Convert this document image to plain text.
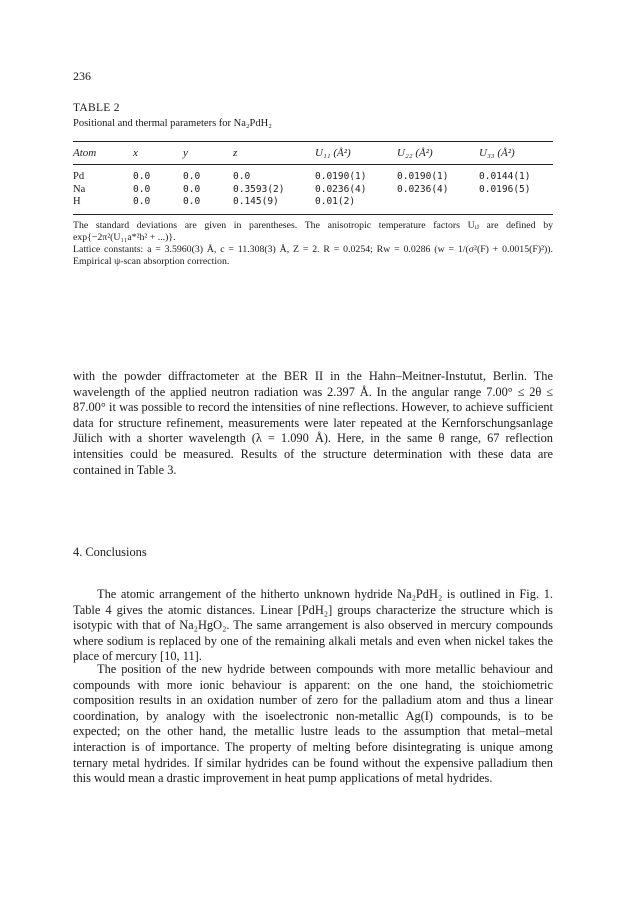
236
TABLE 2
Positional and thermal parameters for Na₂PdH₂
Atom	x	y	z	U₁₁ (Å²)	U₂₂ (Å²)	U₃₃ (Å²)
Pd	0.0	0.0	0.0	0.0190(1)	0.0190(1)	0.0144(1)
Na	0.0	0.0	0.3593(2)	0.0236(4)	0.0236(4)	0.0196(5)
H	0.0	0.0	0.145(9)	0.01(2)		

The standard deviations are given in parentheses. The anisotropic temperature factors Uᵢⱼ are defined by exp{−2π²(U₁₁a*²h² + ...)}.

Lattice constants: a = 3.5960(3) Å, c = 11.308(3) Å, Z = 2. R = 0.0254; Rw = 0.0286 (w = 1/(σ²(F) + 0.0015(F)²)). Empirical ψ-scan absorption correction.

with the powder diffractometer at the BER II in the Hahn–Meitner-Instutut, Berlin. The wavelength of the applied neutron radiation was 2.397 Å. In the angular range 7.00° ≤ 2θ ≤ 87.00° it was possible to record the intensities of nine reflections. However, to achieve sufficient data for structure refinement, measurements were later repeated at the Kernforschungsanlage Jülich with a shorter wavelength (λ = 1.090 Å). Here, in the same θ range, 67 reflection intensities could be measured. Results of the structure determination with these data are contained in Table 3.

4. Conclusions

The atomic arrangement of the hitherto unknown hydride Na₂PdH₂ is outlined in Fig. 1. Table 4 gives the atomic distances. Linear [PdH₂] groups characterize the structure which is isotypic with that of Na₂HgO₂. The same arrangement is also observed in mercury compounds where sodium is replaced by one of the remaining alkali metals and even when nickel takes the place of mercury [10, 11].

The position of the new hydride between compounds with more metallic behaviour and compounds with more ionic behaviour is apparent: on the one hand, the stoichiometric composition results in an oxidation number of zero for the palladium atom and thus a linear coordination, by analogy with the isoelectronic non-metallic Ag(I) compounds, is to be expected; on the other hand, the metallic lustre leads to the assumption that metal–metal interaction is of importance. The property of melting before disintegrating is unique among ternary metal hydrides. If similar hydrides can be found without the expensive palladium then this would mean a drastic improvement in heat pump applications of metal hydrides.
